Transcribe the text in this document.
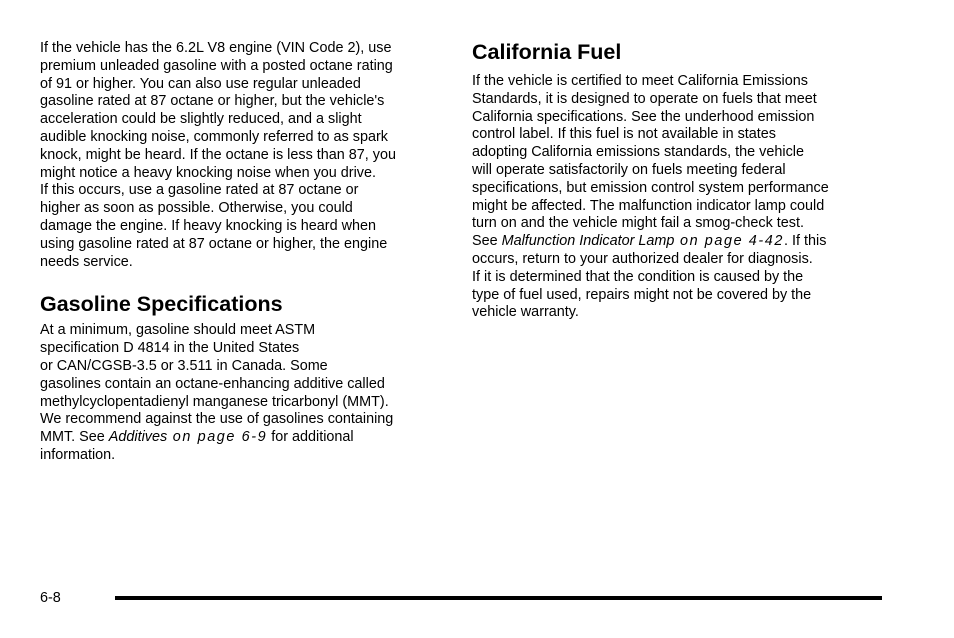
If the vehicle has the 6.2L V8 engine (VIN Code 2), use
premium unleaded gasoline with a posted octane rating
of 91 or higher. You can also use regular unleaded
gasoline rated at 87 octane or higher, but the vehicle's
acceleration could be slightly reduced, and a slight
audible knocking noise, commonly referred to as spark
knock, might be heard. If the octane is less than 87, you
might notice a heavy knocking noise when you drive.
If this occurs, use a gasoline rated at 87 octane or
higher as soon as possible. Otherwise, you could
damage the engine. If heavy knocking is heard when
using gasoline rated at 87 octane or higher, the engine
needs service.
Gasoline Specifications
At a minimum, gasoline should meet ASTM
specification D 4814 in the United States
or CAN/CGSB-3.5 or 3.511 in Canada. Some
gasolines contain an octane-enhancing additive called
methylcyclopentadienyl manganese tricarbonyl (MMT).
We recommend against the use of gasolines containing
MMT. See Additives on page 6-9 for additional
information.
California Fuel
If the vehicle is certified to meet California Emissions
Standards, it is designed to operate on fuels that meet
California specifications. See the underhood emission
control label. If this fuel is not available in states
adopting California emissions standards, the vehicle
will operate satisfactorily on fuels meeting federal
specifications, but emission control system performance
might be affected. The malfunction indicator lamp could
turn on and the vehicle might fail a smog-check test.
See Malfunction Indicator Lamp on page 4-42. If this
occurs, return to your authorized dealer for diagnosis.
If it is determined that the condition is caused by the
type of fuel used, repairs might not be covered by the
vehicle warranty.
6-8
